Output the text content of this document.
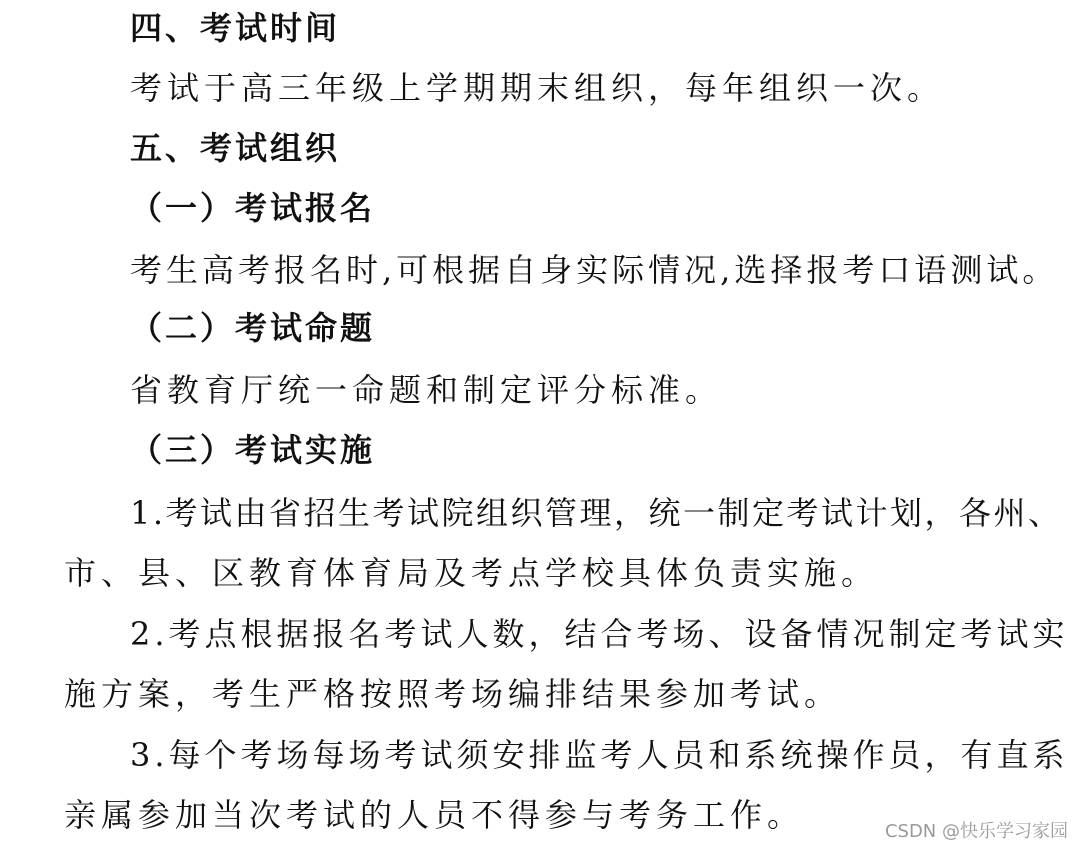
四、考试时间
考试于高三年级上学期期末组织，每年组织一次。
五、考试组织
（一）考试报名
考生高考报名时,可根据自身实际情况,选择报考口语测试。
（二）考试命题
省教育厅统一命题和制定评分标准。
（三）考试实施
1.考试由省招生考试院组织管理，统一制定考试计划，各州、
市、县、区教育体育局及考点学校具体负责实施。
2.考点根据报名考试人数，结合考场、设备情况制定考试实
施方案，考生严格按照考场编排结果参加考试。
3.每个考场每场考试须安排监考人员和系统操作员，有直系
亲属参加当次考试的人员不得参与考务工作。	CSDN @快乐学习家园
